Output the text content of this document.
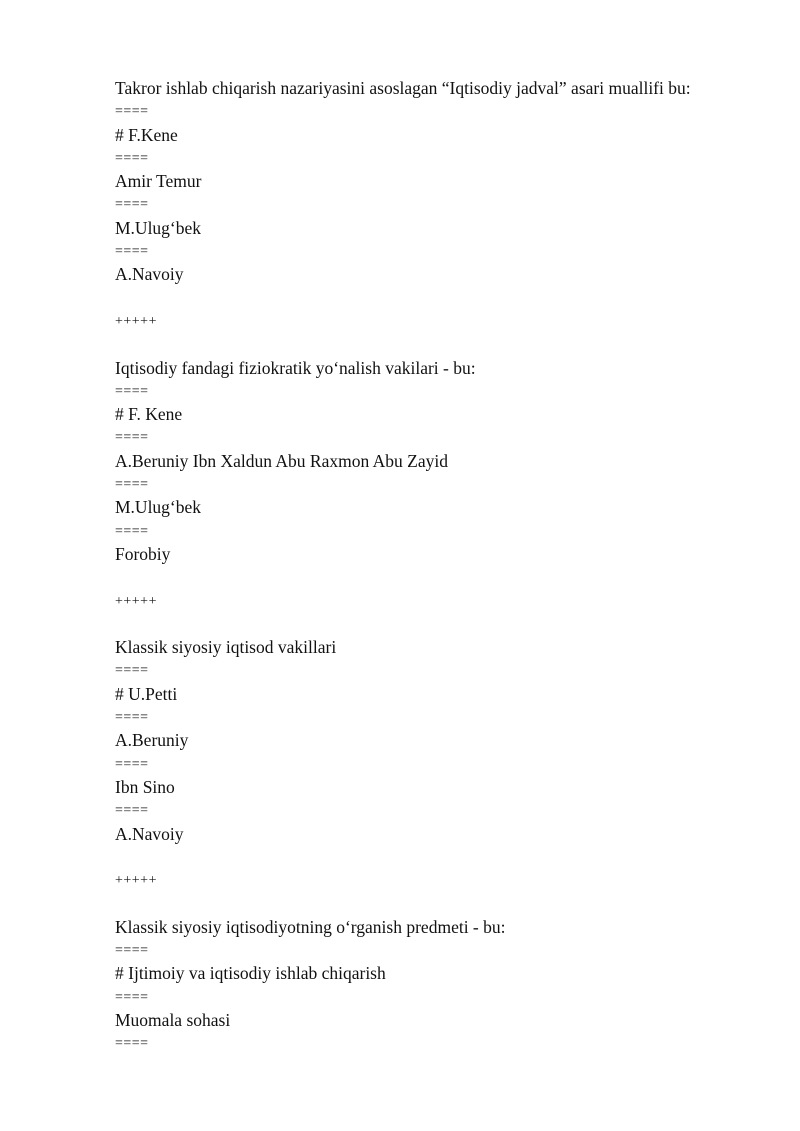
Takror ishlab chiqarish nazariyasini asoslagan “Iqtisodiy jadval” asari muallifi bu:
====
# F.Kene
====
Amir Temur
====
M.Ulug‘bek
====
A.Navoiy
+++++
Iqtisodiy fandagi fiziokratik yo‘nalish vakilari - bu:
====
# F. Kene
====
A.Beruniy Ibn Xaldun Abu Raxmon Abu Zayid
====
M.Ulug‘bek
====
Forobiy
+++++
Klassik siyosiy iqtisod vakillari
====
# U.Petti
====
A.Beruniy
====
Ibn Sino
====
A.Navoiy
+++++
Klassik siyosiy iqtisodiyotning o‘rganish predmeti - bu:
====
# Ijtimoiy va iqtisodiy ishlab chiqarish
====
Muomala sohasi
====
